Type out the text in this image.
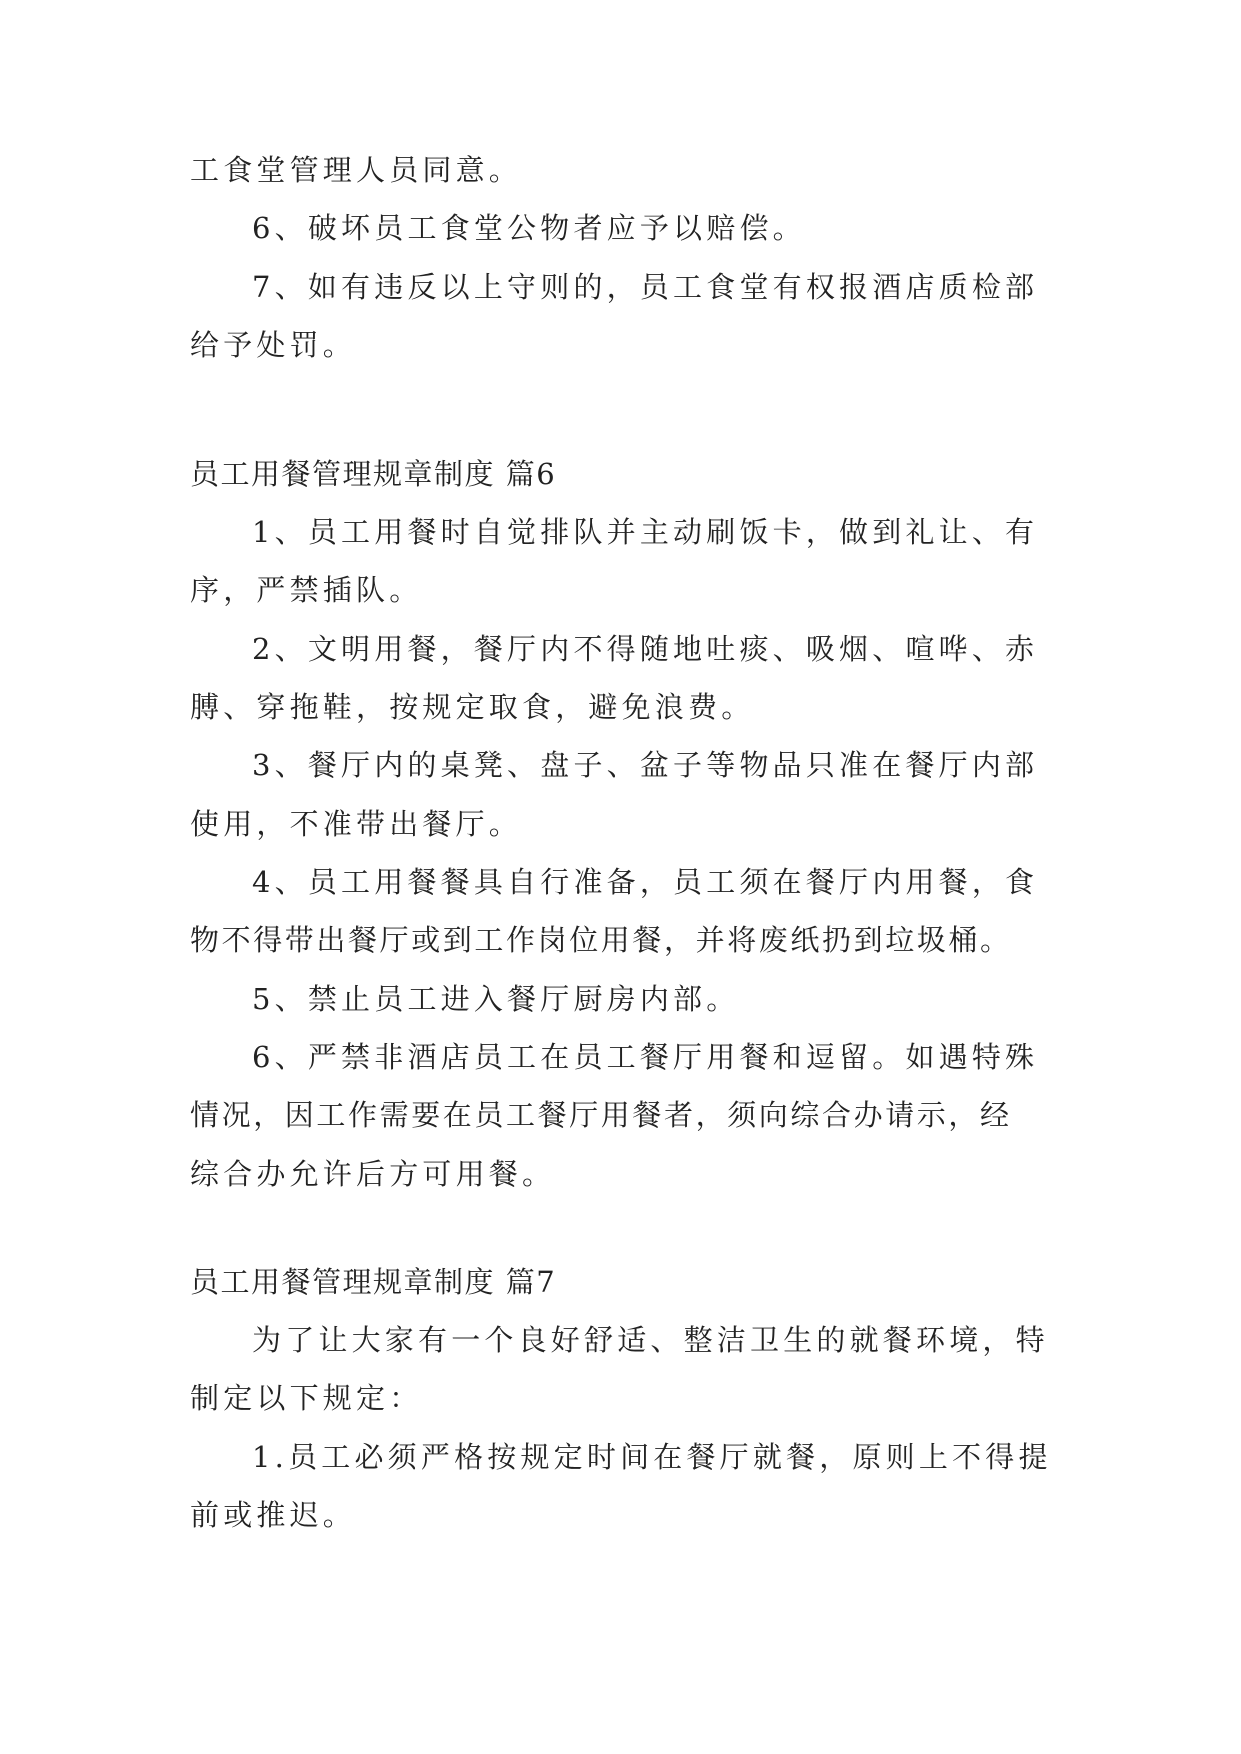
工食堂管理人员同意。
6、破坏员工食堂公物者应予以赔偿。
7、如有违反以上守则的，员工食堂有权报酒店质检部
给予处罚。
员工用餐管理规章制度 篇6
1、员工用餐时自觉排队并主动刷饭卡，做到礼让、有
序，严禁插队。
2、文明用餐，餐厅内不得随地吐痰、吸烟、喧哗、赤
膊、穿拖鞋，按规定取食，避免浪费。
3、餐厅内的桌凳、盘子、盆子等物品只准在餐厅内部
使用，不准带出餐厅。
4、员工用餐餐具自行准备，员工须在餐厅内用餐，食
物不得带出餐厅或到工作岗位用餐，并将废纸扔到垃圾桶。
5、禁止员工进入餐厅厨房内部。
6、严禁非酒店员工在员工餐厅用餐和逗留。如遇特殊
情况，因工作需要在员工餐厅用餐者，须向综合办请示，经
综合办允许后方可用餐。
员工用餐管理规章制度 篇7
为了让大家有一个良好舒适、整洁卫生的就餐环境，特
制定以下规定：
1.员工必须严格按规定时间在餐厅就餐，原则上不得提
前或推迟。
